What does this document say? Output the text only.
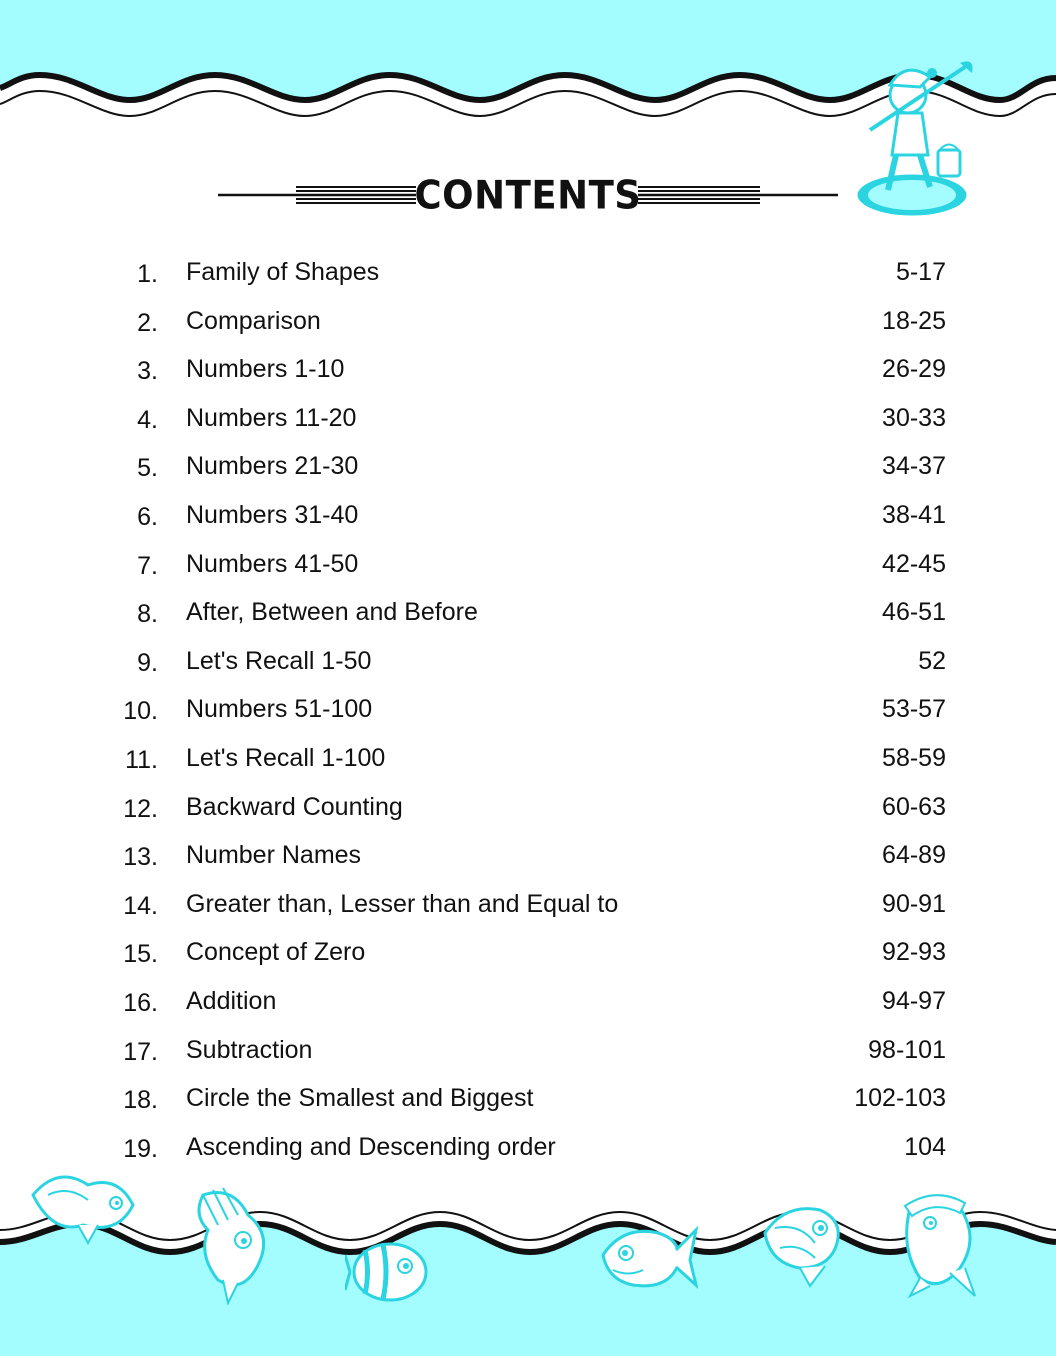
CONTENTS
1. Family of Shapes	5-17
2. Comparison	18-25
3. Numbers 1-10	26-29
4. Numbers 11-20	30-33
5. Numbers 21-30	34-37
6. Numbers 31-40	38-41
7. Numbers 41-50	42-45
8. After, Between and Before	46-51
9. Let's Recall 1-50	52
10. Numbers 51-100	53-57
11. Let's Recall 1-100	58-59
12. Backward Counting	60-63
13. Number Names	64-89
14. Greater than, Lesser than and Equal to	90-91
15. Concept of Zero	92-93
16. Addition	94-97
17. Subtraction	98-101
18. Circle the Smallest and Biggest	102-103
19. Ascending and Descending order	104
